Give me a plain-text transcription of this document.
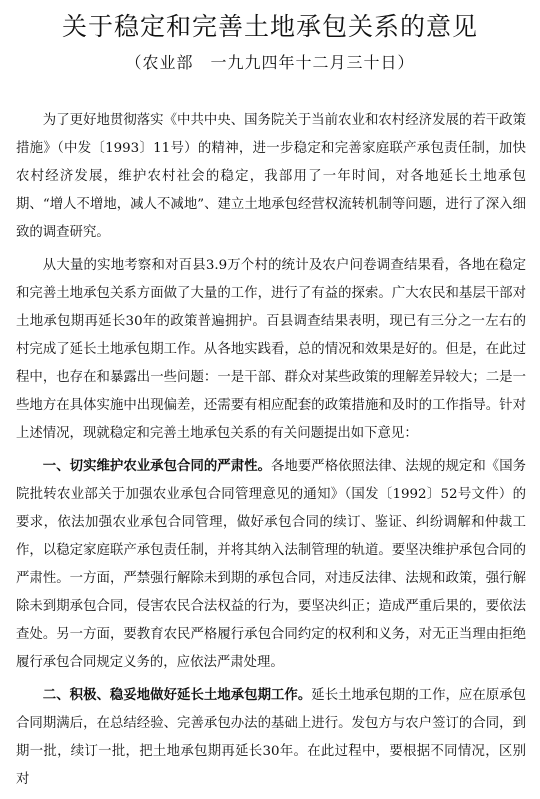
关于稳定和完善土地承包关系的意见
（农业部　一九九四年十二月三十日）

为了更好地贯彻落实《中共中央、国务院关于当前农业和农村经济发展的若干政策措施》（中发〔1993〕11号）的精神，进一步稳定和完善家庭联产承包责任制，加快农村经济发展，维护农村社会的稳定，我部用了一年时间，对各地延长土地承包期、“增人不增地，减人不减地”、建立土地承包经营权流转机制等问题，进行了深入细致的调查研究。

从大量的实地考察和对百县3.9万个村的统计及农户问卷调查结果看，各地在稳定和完善土地承包关系方面做了大量的工作，进行了有益的探索。广大农民和基层干部对土地承包期再延长30年的政策普遍拥护。百县调查结果表明，现已有三分之一左右的村完成了延长土地承包期工作。从各地实践看，总的情况和效果是好的。但是，在此过程中，也存在和暴露出一些问题：一是干部、群众对某些政策的理解差异较大；二是一些地方在具体实施中出现偏差，还需要有相应配套的政策措施和及时的工作指导。针对上述情况，现就稳定和完善土地承包关系的有关问题提出如下意见：

一、切实维护农业承包合同的严肃性。各地要严格依照法律、法规的规定和《国务院批转农业部关于加强农业承包合同管理意见的通知》（国发〔1992〕52号文件）的要求，依法加强农业承包合同管理，做好承包合同的续订、鉴证、纠纷调解和仲裁工作，以稳定家庭联产承包责任制，并将其纳入法制管理的轨道。要坚决维护承包合同的严肃性。一方面，严禁强行解除未到期的承包合同，对违反法律、法规和政策，强行解除未到期承包合同，侵害农民合法权益的行为，要坚决纠正；造成严重后果的，要依法查处。另一方面，要教育农民严格履行承包合同约定的权利和义务，对无正当理由拒绝履行承包合同规定义务的，应依法严肃处理。

二、积极、稳妥地做好延长土地承包期工作。延长土地承包期的工作，应在原承包合同期满后，在总结经验、完善承包办法的基础上进行。发包方与农户签订的合同，到期一批，续订一批，把土地承包期再延长30年。在此过程中，要根据不同情况，区别对
